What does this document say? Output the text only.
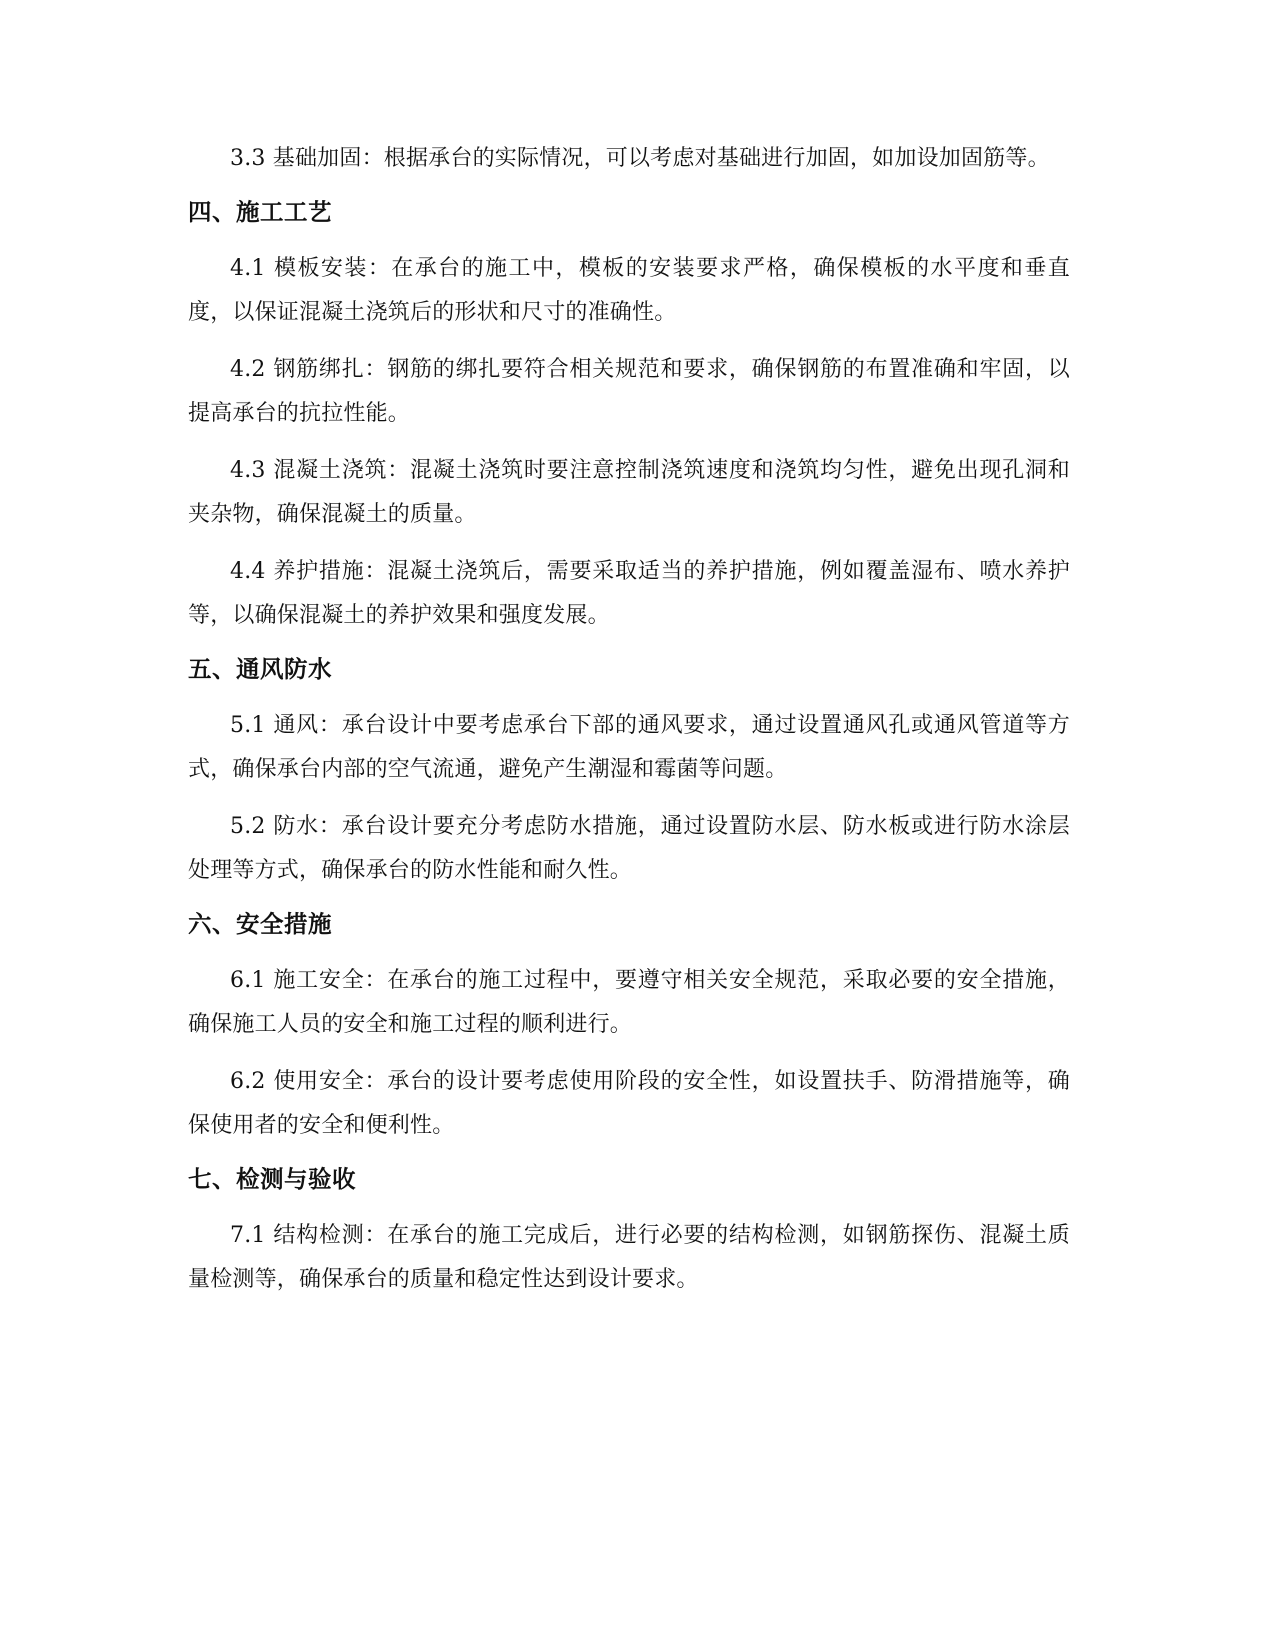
3.3 基础加固：根据承台的实际情况，可以考虑对基础进行加固，如加设加固筋等。

四、施工工艺

4.1 模板安装：在承台的施工中，模板的安装要求严格，确保模板的水平度和垂直度，以保证混凝土浇筑后的形状和尺寸的准确性。

4.2 钢筋绑扎：钢筋的绑扎要符合相关规范和要求，确保钢筋的布置准确和牢固，以提高承台的抗拉性能。

4.3 混凝土浇筑：混凝土浇筑时要注意控制浇筑速度和浇筑均匀性，避免出现孔洞和夹杂物，确保混凝土的质量。

4.4 养护措施：混凝土浇筑后，需要采取适当的养护措施，例如覆盖湿布、喷水养护等，以确保混凝土的养护效果和强度发展。

五、通风防水

5.1 通风：承台设计中要考虑承台下部的通风要求，通过设置通风孔或通风管道等方式，确保承台内部的空气流通，避免产生潮湿和霉菌等问题。

5.2 防水：承台设计要充分考虑防水措施，通过设置防水层、防水板或进行防水涂层处理等方式，确保承台的防水性能和耐久性。

六、安全措施

6.1 施工安全：在承台的施工过程中，要遵守相关安全规范，采取必要的安全措施，确保施工人员的安全和施工过程的顺利进行。

6.2 使用安全：承台的设计要考虑使用阶段的安全性，如设置扶手、防滑措施等，确保使用者的安全和便利性。

七、检测与验收

7.1 结构检测：在承台的施工完成后，进行必要的结构检测，如钢筋探伤、混凝土质量检测等，确保承台的质量和稳定性达到设计要求。
